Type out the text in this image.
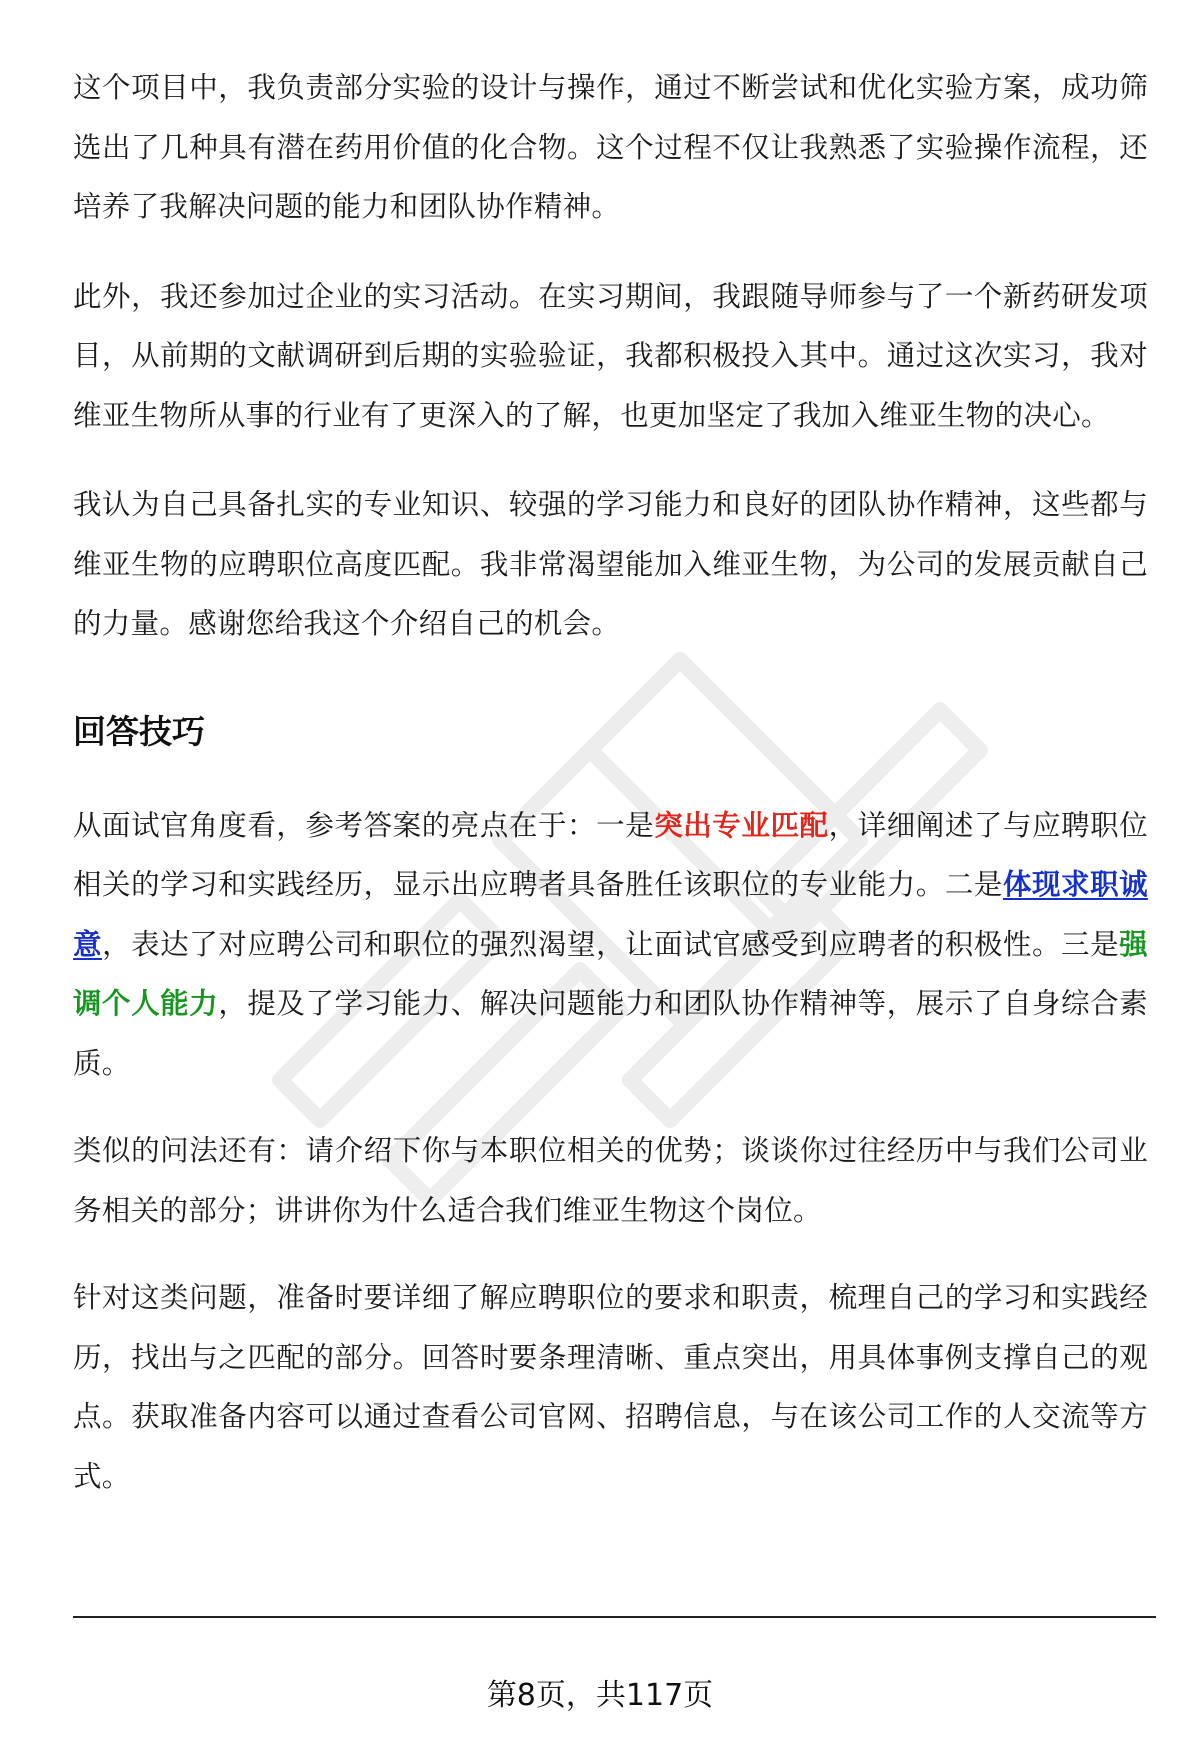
这个项目中，我负责部分实验的设计与操作，通过不断尝试和优化实验方案，成功筛选出了几种具有潜在药用价值的化合物。这个过程不仅让我熟悉了实验操作流程，还培养了我解决问题的能力和团队协作精神。

此外，我还参加过企业的实习活动。在实习期间，我跟随导师参与了一个新药研发项目，从前期的文献调研到后期的实验验证，我都积极投入其中。通过这次实习，我对维亚生物所从事的行业有了更深入的了解，也更加坚定了我加入维亚生物的决心。

我认为自己具备扎实的专业知识、较强的学习能力和良好的团队协作精神，这些都与维亚生物的应聘职位高度匹配。我非常渴望能加入维亚生物，为公司的发展贡献自己的力量。感谢您给我这个介绍自己的机会。

回答技巧

从面试官角度看，参考答案的亮点在于：一是突出专业匹配，详细阐述了与应聘职位相关的学习和实践经历，显示出应聘者具备胜任该职位的专业能力。二是体现求职诚意，表达了对应聘公司和职位的强烈渴望，让面试官感受到应聘者的积极性。三是强调个人能力，提及了学习能力、解决问题能力和团队协作精神等，展示了自身综合素质。

类似的问法还有：请介绍下你与本职位相关的优势；谈谈你过往经历中与我们公司业务相关的部分；讲讲你为什么适合我们维亚生物这个岗位。

针对这类问题，准备时要详细了解应聘职位的要求和职责，梳理自己的学习和实践经历，找出与之匹配的部分。回答时要条理清晰、重点突出，用具体事例支撑自己的观点。获取准备内容可以通过查看公司官网、招聘信息，与在该公司工作的人交流等方式。

第8页，共117页
